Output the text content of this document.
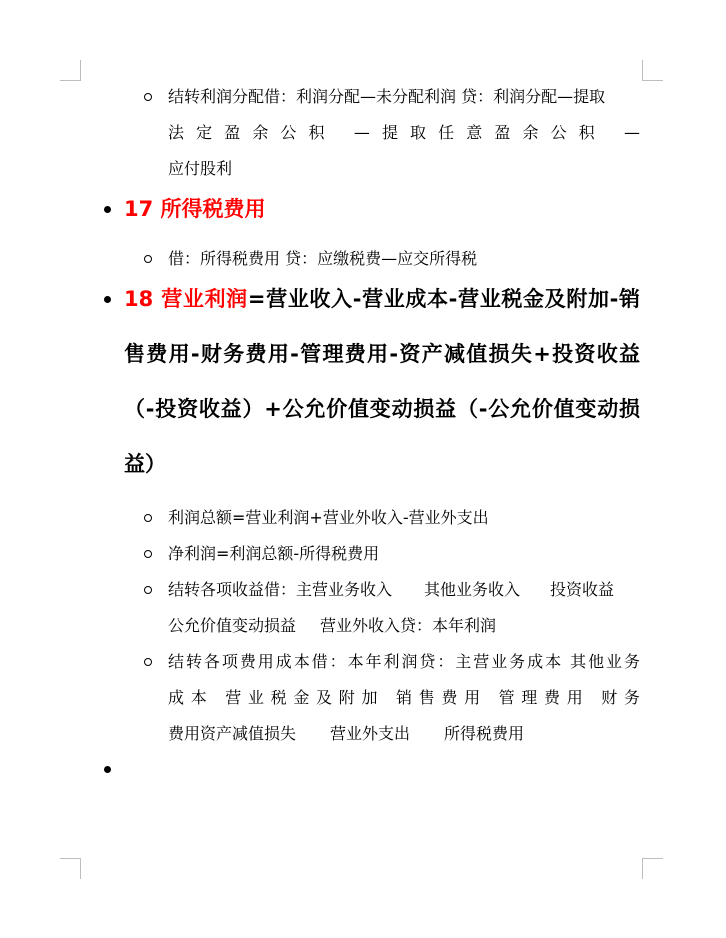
结转利润分配借：利润分配—未分配利润 贷：利润分配—提取
法定盈余公积 —提取任意盈余公积 —
应付股利
17 所得税费用
借：所得税费用 贷：应缴税费—应交所得税
18 营业利润=营业收入-营业成本-营业税金及附加-销
售费用-财务费用-管理费用-资产减值损失+投资收益
（-投资收益）+公允价值变动损益（-公允价值变动损
益）
利润总额=营业利润+营业外收入-营业外支出
净利润=利润总额-所得税费用
结转各项收益借：主营业务收入 其他业务收入 投资收益
公允价值变动损益 营业外收入贷：本年利润
结转各项费用成本借：本年利润贷：主营业务成本 其他业务
成本 营业税金及附加 销售费用 管理费用 财务
费用资产减值损失 营业外支出 所得税费用
